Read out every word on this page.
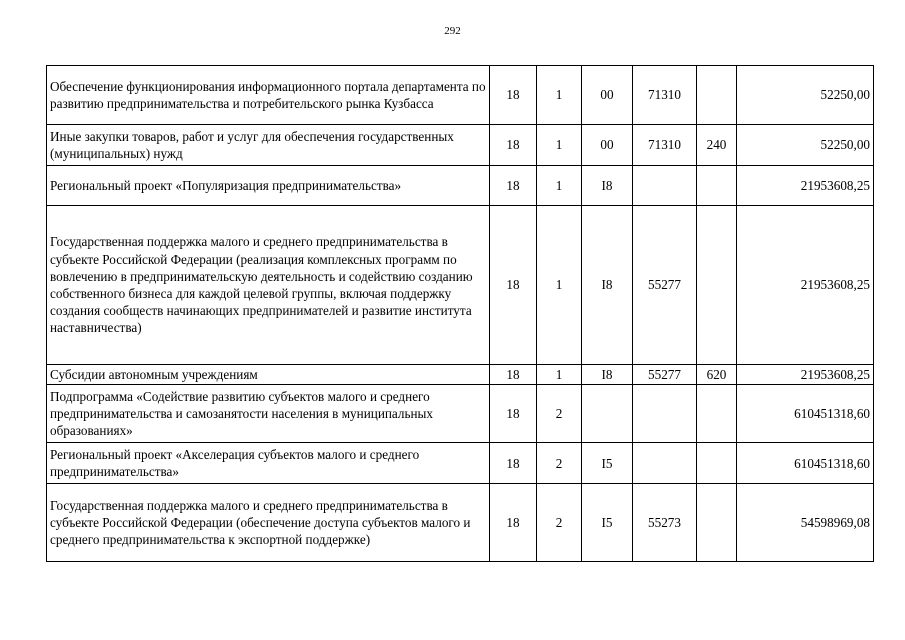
292
Обеспечение функционирования информационного портала департамента по развитию предпринимательства и потребительского рынка Кузбасса	18	1	00	71310		52250,00
Иные закупки товаров, работ и услуг для обеспечения государственных (муниципальных) нужд	18	1	00	71310	240	52250,00
Региональный проект «Популяризация предпринимательства»	18	1	I8			21953608,25
Государственная поддержка малого и среднего предпринимательства в субъекте Российской Федерации (реализация комплексных программ по вовлечению в предпринимательскую деятельность и содействию созданию собственного бизнеса для каждой целевой группы, включая поддержку создания сообществ начинающих предпринимателей и развитие института наставничества)	18	1	I8	55277		21953608,25
Субсидии автономным учреждениям	18	1	I8	55277	620	21953608,25
Подпрограмма «Содействие развитию субъектов малого и среднего предпринимательства и самозанятости населения в муниципальных образованиях»	18	2				610451318,60
Региональный проект «Акселерация субъектов малого и среднего предпринимательства»	18	2	I5			610451318,60
Государственная поддержка малого и среднего предпринимательства в субъекте Российской Федерации (обеспечение доступа субъектов малого и среднего предпринимательства к экспортной поддержке)	18	2	I5	55273		54598969,08
